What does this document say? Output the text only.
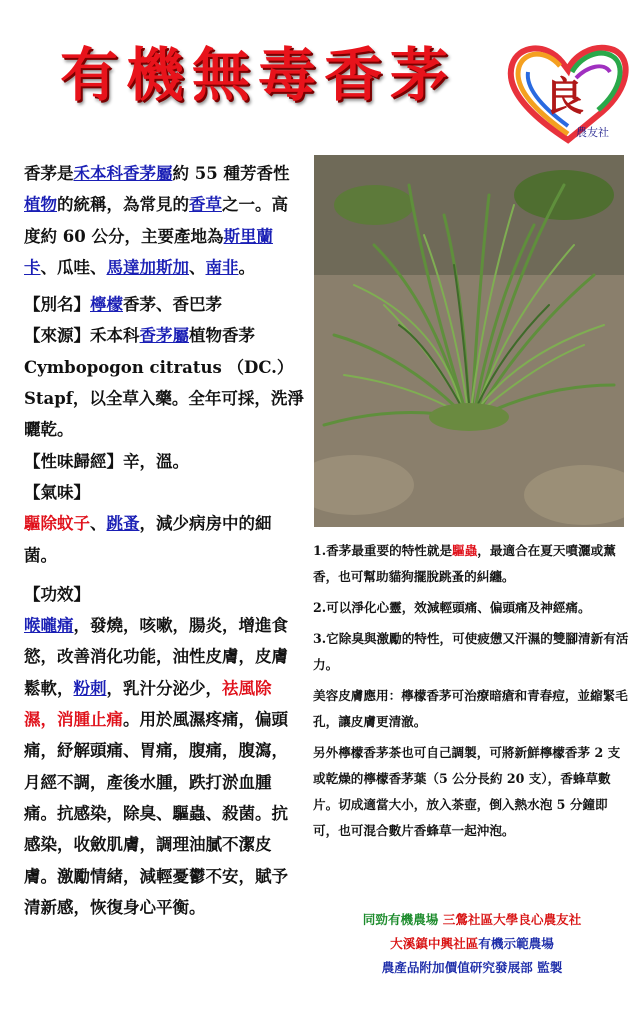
有機無毒香茅	良
農友社

香茅是禾本科香茅屬約 55 種芳香性植物的統稱，為常見的香草之一。高度約 60 公分，主要產地為斯里蘭卡、瓜哇、馬達加斯加、南非。

【別名】檸檬香茅、香巴茅

【來源】禾本科香茅屬植物香茅 Cymbopogon citratus （DC.）Stapf，以全草入藥。全年可採，洗淨曬乾。

【性味歸經】辛，溫。

【氣味】

驅除蚊子、跳蚤，減少病房中的細菌。

【功效】

喉嚨痛，發燒，咳嗽，腸炎，增進食慾，改善消化功能，油性皮膚，皮膚鬆軟，粉刺，乳汁分泌少，祛風除濕，消腫止痛。用於風濕疼痛，偏頭痛，紓解頭痛、胃痛，腹痛，腹瀉，月經不調，產後水腫，跌打淤血腫痛。抗感染，除臭、驅蟲、殺菌。抗感染，收斂肌膚，調理油膩不潔皮膚。激勵情緒，減輕憂鬱不安，賦予清新感，恢復身心平衡。

1.香茅最重要的特性就是驅蟲，最適合在夏天噴灑或薰香，也可幫助貓狗擺脫跳蚤的糾纏。

2.可以淨化心靈，效減輕頭痛、偏頭痛及神經痛。

3.它除臭與激勵的特性，可使疲憊又汗濕的雙腳清新有活力。

美容皮膚應用：檸檬香茅可治療暗瘡和青春痘，並縮緊毛孔，讓皮膚更清澈。

另外檸檬香茅茶也可自己調製，可將新鮮檸檬香茅 2 支或乾燥的檸檬香茅葉（5 公分長約 20 支），香蜂草數片。切成適當大小，放入茶壺，倒入熱水泡 5 分鐘即可，也可混合數片香蜂草一起沖泡。

同勁有機農場 三鶯社區大學良心農友社
大溪鎮中興社區有機示範農場
農產品附加價值研究發展部 監製
